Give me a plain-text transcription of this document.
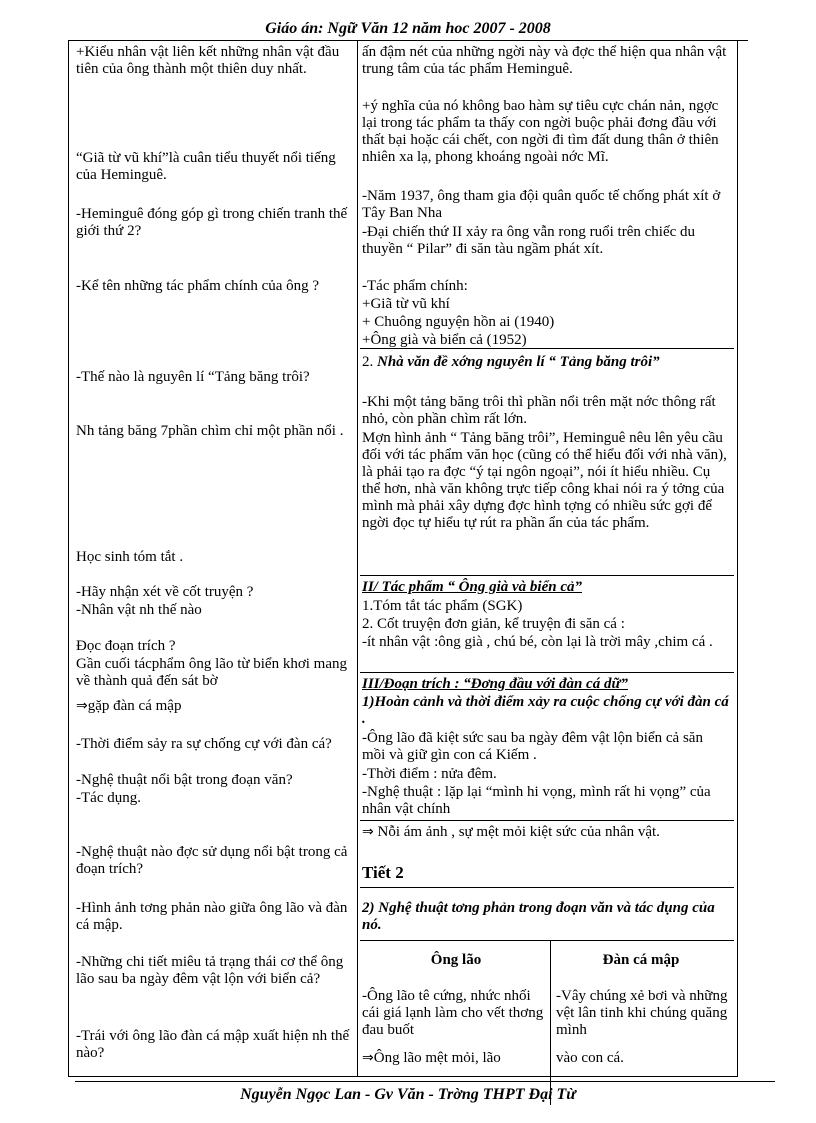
Giáo án: Ngữ Văn 12 năm hoc 2007 - 2008

+Kiểu nhân vật liên kết những nhân vật đầu tiên của ông thành một thiên duy nhất.

“Giã từ vũ khí”là cuân tiểu thuyết nổi tiếng của Heminguê.

-Heminguê đóng góp gì trong chiến tranh thế giới thứ 2?

-Kể tên những tác phẩm chính của ông ?

-Thế nào là nguyên lí “Tảng băng trôi?

Nh tảng băng 7phần chìm chỉ một phần nổi .

Học sinh tóm tắt .

-Hãy nhận xét về cốt truyện ?

-Nhân vật nh thế nào

Đọc đoạn trích ?

Gần cuối tácphẩm ông lão từ biển khơi mang về thành quả đến sát bờ

⇒gặp đàn cá mập

-Thời điểm sảy ra sự chống cự với đàn cá?

-Nghệ thuật nổi bật trong đoạn văn?

-Tác dụng.

-Nghệ thuật nào đợc sử dụng nổi bật trong cả đoạn trích?

-Hình ảnh tơng phản nào giữa ông lão và đàn cá mập.

-Những chi tiết miêu tả trạng thái cơ thể ông lão sau ba ngày đêm vật lộn với biển cả?

-Trái với ông lão đàn cá mập xuất hiện nh thế nào?

ấn đậm nét của những ngời này và đợc thể hiện qua nhân vật trung tâm của tác phẩm Heminguê.

+ý nghĩa của nó không bao hàm sự tiêu cực chán nản, ngợc lại trong tác phẩm ta thấy con ngời buộc phải đơng đầu với thất bại hoặc cái chết, con ngời đi tìm đất dung thân ở thiên nhiên xa lạ, phong khoáng ngoài nớc Mĩ.

-Năm 1937, ông tham gia đội quân quốc tế chống phát xít ở Tây Ban Nha

-Đại chiến thứ II xảy ra ông vẫn rong ruổi trên chiếc du thuyền “ Pilar” đi săn tàu ngầm phát xít.

-Tác phẩm chính:

+Giã từ vũ khí

+ Chuông nguyện hồn ai (1940)

+Ông già và biển cả (1952)

2. Nhà văn đề xớng nguyên lí “ Tảng băng trôi”

-Khi một tảng băng trôi thì phần nổi trên mặt nớc thông rất nhỏ, còn phần chìm rất lớn.

Mợn hình ảnh “ Tảng băng trôi”, Heminguê nêu lên yêu cầu đối với tác phẩm văn học (cũng có thể hiểu đối với nhà văn), là phải tạo ra đợc “ý tại ngôn ngoại”, nói ít hiểu nhiều. Cụ thể hơn, nhà văn không trực tiếp công khai nói ra ý tởng của mình mà phải xây dựng đợc hình tợng có nhiều sức gợi để ngời đọc tự hiểu tự rút ra phần ẩn của tác phẩm.

II/ Tác phẩm “ Ông già và biển cả”

1.Tóm tắt tác phẩm (SGK)

2. Cốt truyện đơn giản, kể truyện đi săn cá :

-ít nhân vật :ông già , chú bé, còn lại là trời mây ,chim cá .

III/Đoạn trích : “Đơng đầu với đàn cá dữ”

1)Hoàn cảnh và thời điểm xảy ra cuộc chống cự với đàn cá .

-Ông lão đã kiệt sức sau ba ngày đêm vật lộn biển cả săn mồi và giữ gìn con cá Kiếm .

-Thời điểm : nửa đêm.

-Nghệ thuật : lặp lại “mình hi vọng, mình rất hi vọng” của nhân vật chính

⇒ Nỗi ám ảnh , sự mệt mỏi kiệt sức của nhân vật.

Tiết 2

2) Nghệ thuật tơng phản trong đoạn văn và tác dụng của nó.

Ông lão	Đàn cá mập

-Ông lão tê cứng, nhức nhối cái giá lạnh làm cho vết thơng đau buốt

⇒Ông lão mệt mỏi, lão

-Vây chúng xẻ bơi và những vệt lân tinh khi chúng quăng mình

vào con cá.

Nguyễn Ngọc Lan - Gv Văn - Trờng THPT Đại Từ
